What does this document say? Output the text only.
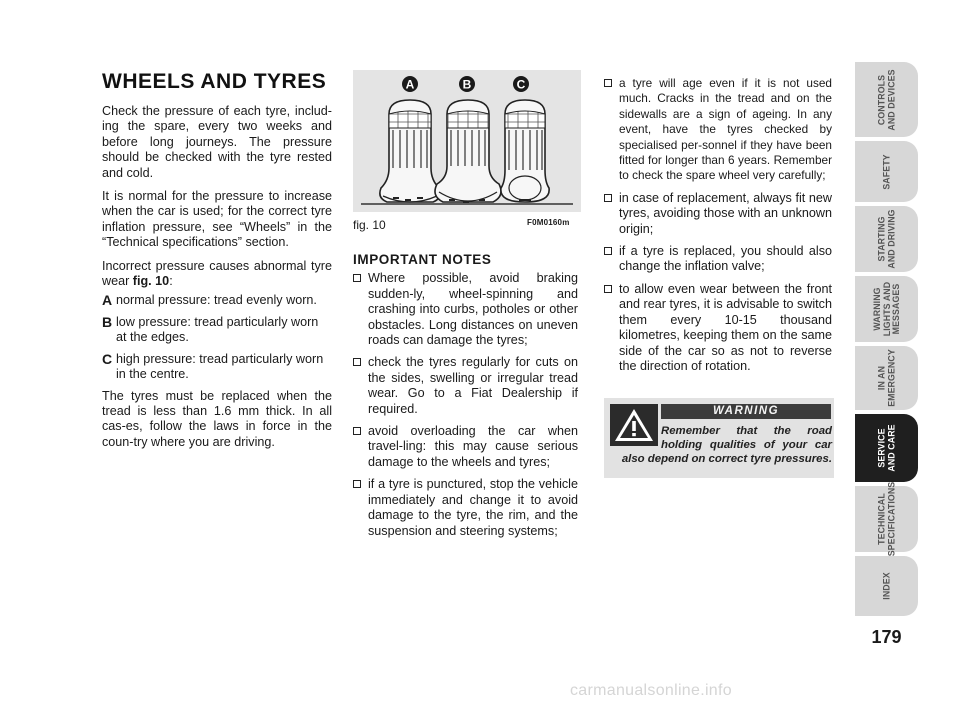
WHEELS AND TYRES

Check the pressure of each tyre, includ-ing the spare, every two weeks and before long journeys. The pressure should be checked with the tyre rested and cold.

It is normal for the pressure to increase when the car is used; for the correct tyre inflation pressure, see “Wheels” in the “Technical specifications” section.

Incorrect pressure causes abnormal tyre wear fig. 10:

A normal pressure: tread evenly worn.
B low pressure: tread particularly worn at the edges.
C high pressure: tread particularly worn in the centre.

The tyres must be replaced when the tread is less than 1.6 mm thick. In all cas-es, follow the laws in force in the coun-try where you are driving.

A	B	C
fig. 10	F0M0160m
IMPORTANT NOTES
Where possible, avoid braking sudden-ly, wheel-spinning and crashing into curbs, potholes or other obstacles. Long distances on uneven roads can damage the tyres;
check the tyres regularly for cuts on the sides, swelling or irregular tread wear. Go to a Fiat Dealership if required.
avoid overloading the car when travel-ling: this may cause serious damage to the wheels and tyres;
if a tyre is punctured, stop the vehicle immediately and change it to avoid damage to the tyre, the rim, and the suspension and steering systems;
a tyre will age even if it is not used much. Cracks in the tread and on the sidewalls are a sign of ageing. In any event, have the tyres checked by specialised per-sonnel if they have been fitted for longer than 6 years. Remember to check the spare wheel very carefully;
in case of replacement, always fit new tyres, avoiding those with an unknown origin;
if a tyre is replaced, you should also change the inflation valve;
to allow even wear between the front and rear tyres, it is advisable to switch them every 10-15 thousand kilometres, keeping them on the same side of the car so as not to reverse the direction of rotation.
WARNING
Remember that the road
holding qualities of your car
also depend on correct tyre pressures.
CONTROLS
AND DEVICES
SAFETY
STARTING
AND DRIVING
WARNING
LIGHTS AND
MESSAGES
IN AN
EMERGENCY
SERVICE
AND CARE
TECHNICAL
SPECIFICATIONS
INDEX
179
carmanualsonline.info
